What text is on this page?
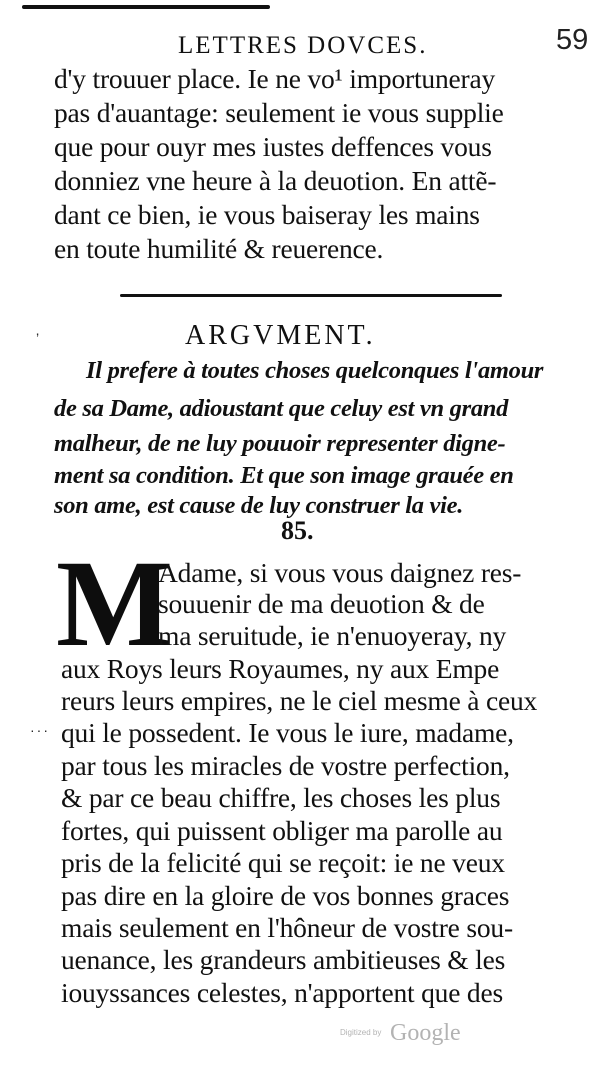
’
···
LETTRES DOVCES.	59
d'y trouuer place. Ie ne vo¹ importuneray
pas d'auantage: seulement ie vous supplie
que pour ouyr mes iustes deffences vous
donniez vne heure à la deuotion. En attẽ-
dant ce bien, ie vous baiseray les mains
en toute humilité & reuerence.
ARGVMENT.
Il prefere à toutes choses quelconques l'amour
de sa Dame, adioustant que celuy est vn grand
malheur, de ne luy pouuoir representer digne-
ment sa condition. Et que son image grauée en
son ame, est cause de luy construer la vie.
85.
M
Adame, si vous vous daignez res-
souuenir de ma deuotion & de
ma seruitude, ie n'enuoyeray, ny
aux Roys leurs Royaumes, ny aux Empe
reurs leurs empires, ne le ciel mesme à ceux
qui le possedent. Ie vous le iure, madame,
par tous les miracles de vostre perfection,
& par ce beau chiffre, les choses les plus
fortes, qui puissent obliger ma parolle au
pris de la felicité qui se reçoit: ie ne veux
pas dire en la gloire de vos bonnes graces
mais seulement en l'hôneur de vostre sou-
uenance, les grandeurs ambitieuses & les
iouyssances celestes, n'apportent que des
Digitized by Google
